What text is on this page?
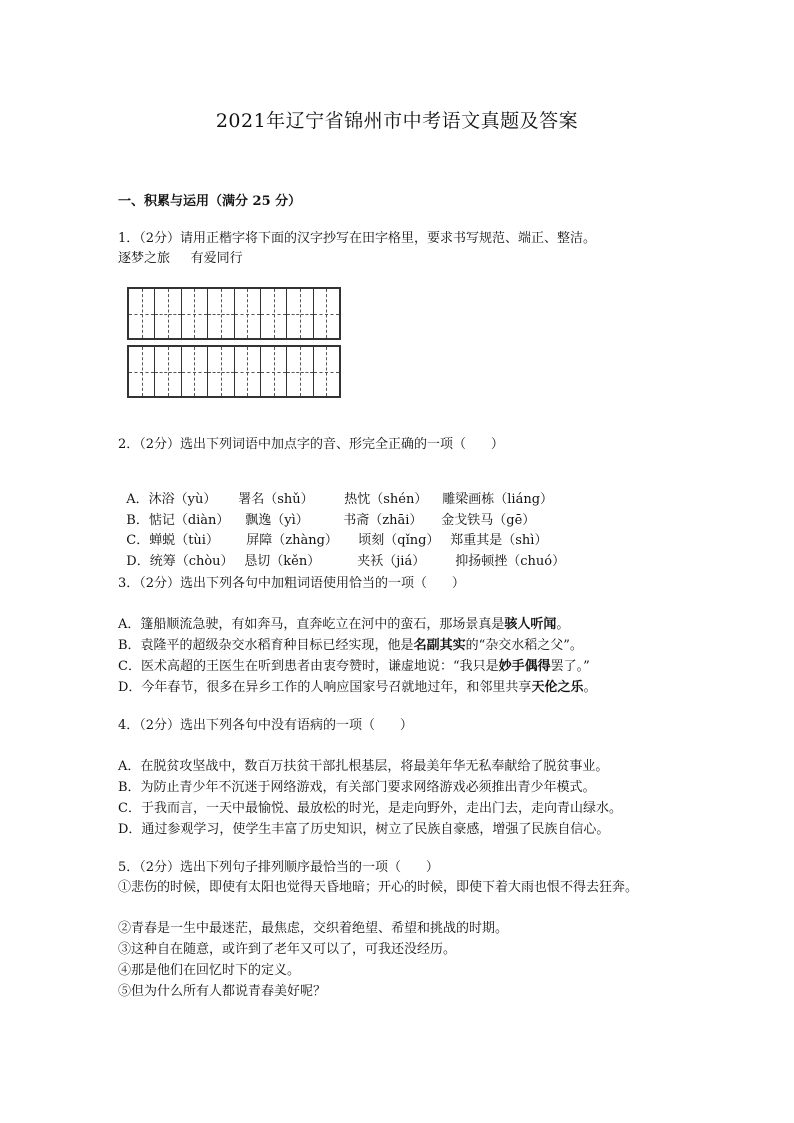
2021年辽宁省锦州市中考语文真题及答案
一、积累与运用（满分 25 分）
1．（2分）请用正楷字将下面的汉字抄写在田字格里，要求书写规范、端正、整洁。
逐梦之旅     有爱同行
2．（2分）选出下列词语中加点字的音、形完全正确的一项（      ）

A．沐浴（yù） 署名（shǔ） 热忱（shén） 雕梁画栋（liáng）

B．惦记（diàn） 飘逸（yì）	书斋（zhāi） 金戈铁马（gē）

C．蝉蜕（tùi） 屏障（zhàng） 顷刻（qǐng） 郑重其是（shì）

D．统筹（chòu） 恳切（kěn）	夹袄（jiá） 抑扬顿挫（chuó）

3．（2分）选出下列各句中加粗词语使用恰当的一项（      ）
A．篷船顺流急驶，有如奔马，直奔屹立在河中的蛮石，那场景真是骇人听闻。
B．袁隆平的超级杂交水稻育种目标已经实现，他是名副其实的“杂交水稻之父”。
C．医术高超的王医生在听到患者由衷夸赞时，谦虚地说：“我只是妙手偶得罢了。”
D．今年春节，很多在异乡工作的人响应国家号召就地过年，和邻里共享天伦之乐。
4．（2分）选出下列各句中没有语病的一项（      ）
A．在脱贫攻坚战中，数百万扶贫干部扎根基层，将最美年华无私奉献给了脱贫事业。
B．为防止青少年不沉迷于网络游戏，有关部门要求网络游戏必须推出青少年模式。
C．于我而言，一天中最愉悦、最放松的时光，是走向野外，走出门去，走向青山绿水。
D．通过参观学习，使学生丰富了历史知识，树立了民族自豪感，增强了民族自信心。
5．（2分）选出下列句子排列顺序最恰当的一项（      ）
①悲伤的时候，即使有太阳也觉得天昏地暗；开心的时候，即使下着大雨也恨不得去狂奔。
②青春是一生中最迷茫，最焦虑，交织着绝望、希望和挑战的时期。
③这种自在随意，或许到了老年又可以了，可我还没经历。
④那是他们在回忆时下的定义。
⑤但为什么所有人都说青春美好呢？
